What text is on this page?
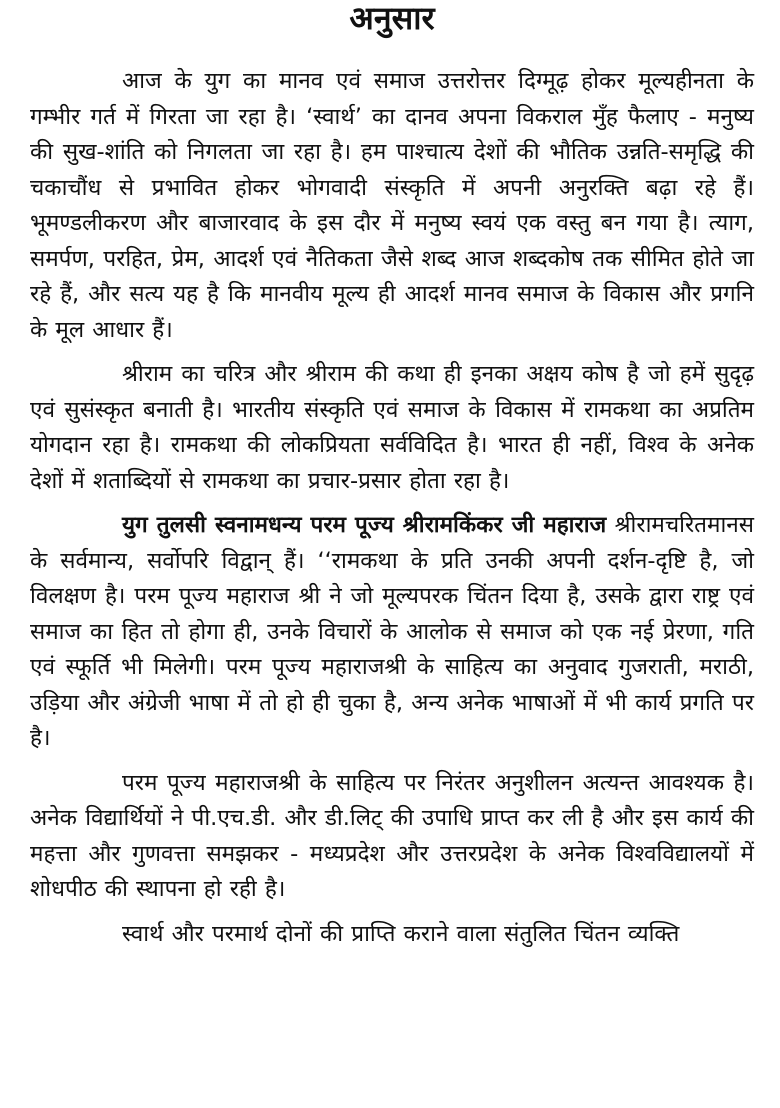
अनुसार

आज के युग का मानव एवं समाज उत्तरोत्तर दिग्मूढ़ होकर मूल्यहीनता के गम्भीर गर्त में गिरता जा रहा है। ‘स्वार्थ’ का दानव अपना विकराल मुँह फैलाए - मनुष्य की सुख-शांति को निगलता जा रहा है। हम पाश्चात्य देशों की भौतिक उन्नति-समृद्धि की चकाचौंध से प्रभावित होकर भोगवादी संस्कृति में अपनी अनुरक्ति बढ़ा रहे हैं। भूमण्डलीकरण और बाजारवाद के इस दौर में मनुष्य स्वयं एक वस्तु बन गया है। त्याग, समर्पण, परहित, प्रेम, आदर्श एवं नैतिकता जैसे शब्द आज शब्दकोष तक सीमित होते जा रहे हैं, और सत्य यह है कि मानवीय मूल्य ही आदर्श मानव समाज के विकास और प्रगनि के मूल आधार हैं।

श्रीराम का चरित्र और श्रीराम की कथा ही इनका अक्षय कोष है जो हमें सुदृढ़ एवं सुसंस्कृत बनाती है। भारतीय संस्कृति एवं समाज के विकास में रामकथा का अप्रतिम योगदान रहा है। रामकथा की लोकप्रियता सर्वविदित है। भारत ही नहीं, विश्व के अनेक देशों में शताब्दियों से रामकथा का प्रचार-प्रसार होता रहा है।

युग तुलसी स्वनामधन्य परम पूज्य श्रीरामकिंकर जी महाराज श्रीरामचरितमानस के सर्वमान्य, सर्वोपरि विद्वान् हैं। ‘‘रामकथा के प्रति उनकी अपनी दर्शन-दृष्टि है, जो विलक्षण है। परम पूज्य महाराज श्री ने जो मूल्यपरक चिंतन दिया है, उसके द्वारा राष्ट्र एवं समाज का हित तो होगा ही, उनके विचारों के आलोक से समाज को एक नई प्रेरणा, गति एवं स्फूर्ति भी मिलेगी। परम पूज्य महाराजश्री के साहित्य का अनुवाद गुजराती, मराठी, उड़िया और अंग्रेजी भाषा में तो हो ही चुका है, अन्य अनेक भाषाओं में भी कार्य प्रगति पर है।

परम पूज्य महाराजश्री के साहित्य पर निरंतर अनुशीलन अत्यन्त आवश्यक है। अनेक विद्यार्थियों ने पी.एच.डी. और डी.लिट् की उपाधि प्राप्त कर ली है और इस कार्य की महत्ता और गुणवत्ता समझकर - मध्यप्रदेश और उत्तरप्रदेश के अनेक विश्वविद्यालयों में शोधपीठ की स्थापना हो रही है।

स्वार्थ और परमार्थ दोनों की प्राप्ति कराने वाला संतुलित चिंतन व्यक्ति
